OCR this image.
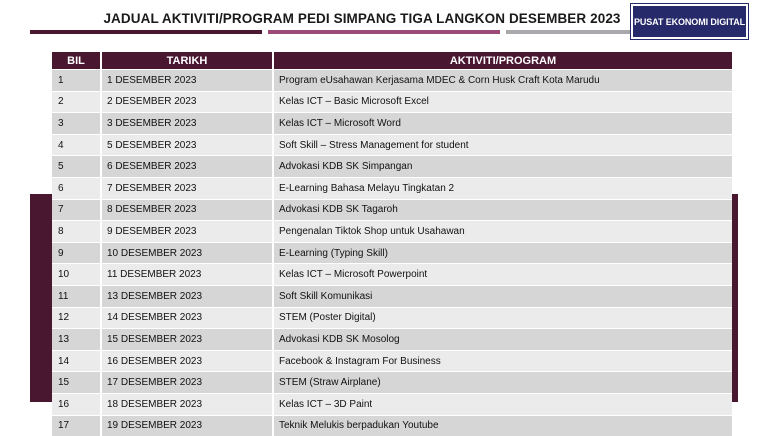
JADUAL AKTIVITI/PROGRAM PEDI SIMPANG TIGA LANGKON DESEMBER 2023	PUSAT EKONOMI DIGITAL
BIL	TARIKH	AKTIVITI/PROGRAM
1	1 DESEMBER 2023	Program eUsahawan Kerjasama MDEC & Corn Husk Craft Kota Marudu
2	2 DESEMBER 2023	Kelas ICT – Basic Microsoft Excel
3	3 DESEMBER 2023	Kelas ICT – Microsoft Word
4	5 DESEMBER 2023	Soft Skill – Stress Management for student
5	6 DESEMBER 2023	Advokasi KDB SK Simpangan
6	7 DESEMBER 2023	E-Learning Bahasa Melayu Tingkatan 2
7	8 DESEMBER 2023	Advokasi KDB SK Tagaroh
8	9 DESEMBER 2023	Pengenalan Tiktok Shop untuk Usahawan
9	10 DESEMBER 2023	E-Learning (Typing Skill)
10	11 DESEMBER 2023	Kelas ICT – Microsoft Powerpoint
11	13 DESEMBER 2023	Soft Skill Komunikasi
12	14 DESEMBER 2023	STEM (Poster Digital)
13	15 DESEMBER 2023	Advokasi KDB SK Mosolog
14	16 DESEMBER 2023	Facebook & Instagram For Business
15	17 DESEMBER 2023	STEM (Straw Airplane)
16	18 DESEMBER 2023	Kelas ICT – 3D Paint
17	19 DESEMBER 2023	Teknik Melukis berpadukan Youtube
